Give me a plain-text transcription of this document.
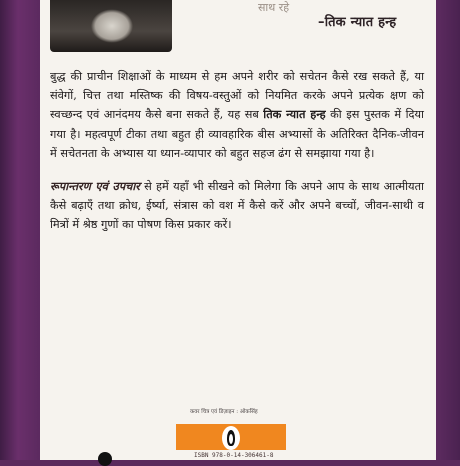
साथ रहे
–तिक न्यात हन्ह

बुद्ध की प्राचीन शिक्षाओं के माध्यम से हम अपने शरीर को सचेतन कैसे रख सकते हैं, या संवेगों, चित्त तथा मस्तिष्क की विषय-वस्तुओं को नियमित करके अपने प्रत्येक क्षण को स्वच्छन्द एवं आनंदमय कैसे बना सकते हैं, यह सब तिक न्यात हन्ह की इस पुस्तक में दिया गया है। महत्वपूर्ण टीका तथा बहुत ही व्यावहारिक बीस अभ्यासों के अतिरिक्त दैनिक-जीवन में सचेतनता के अभ्यास या ध्यान-व्यापार को बहुत सहज ढंग से समझाया गया है।

रूपान्तरण एवं उपचार से हमें यहाँ भी सीखने को मिलेगा कि अपने आप के साथ आत्मीयता कैसे बढ़ाएँ तथा क्रोध, ईर्ष्या, संत्रास को वश में कैसे करें और अपने बच्चों, जीवन-साथी व मित्रों में श्रेष्ठ गुणों का पोषण किस प्रकार करें।

कवर चित्र एवं डिज़ाइन : ओकसिंह
ISBN 978-0-14-306461-8
